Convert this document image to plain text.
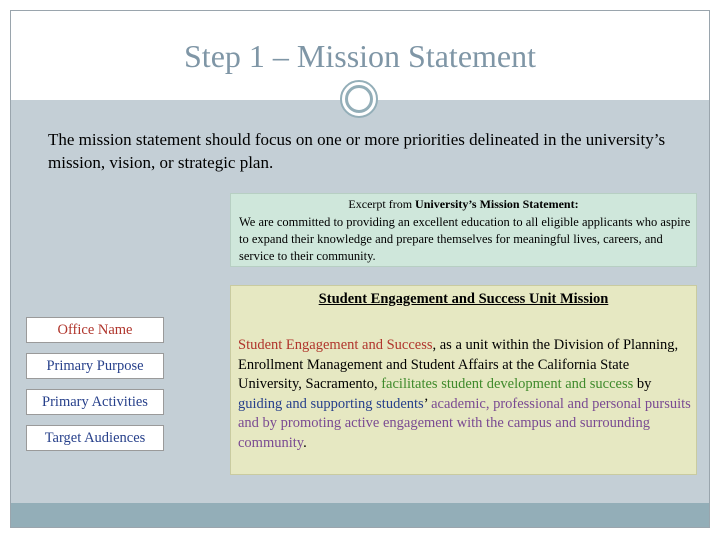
Step 1 – Mission Statement
The mission statement should focus on one or more priorities delineated in the university’s mission, vision, or strategic plan.
Excerpt from University’s Mission Statement:
We are committed to providing an excellent education to all eligible applicants who aspire to expand their knowledge and prepare themselves for meaningful lives, careers, and service to their community.
Student Engagement and Success Unit Mission
Student Engagement and Success, as a unit within the Division of Planning, Enrollment Management and Student Affairs at the California State University, Sacramento, facilitates student development and success by guiding and supporting students’ academic, professional and personal pursuits and by promoting active engagement with the campus and surrounding community.
Office Name
Primary Purpose
Primary Activities
Target Audiences
